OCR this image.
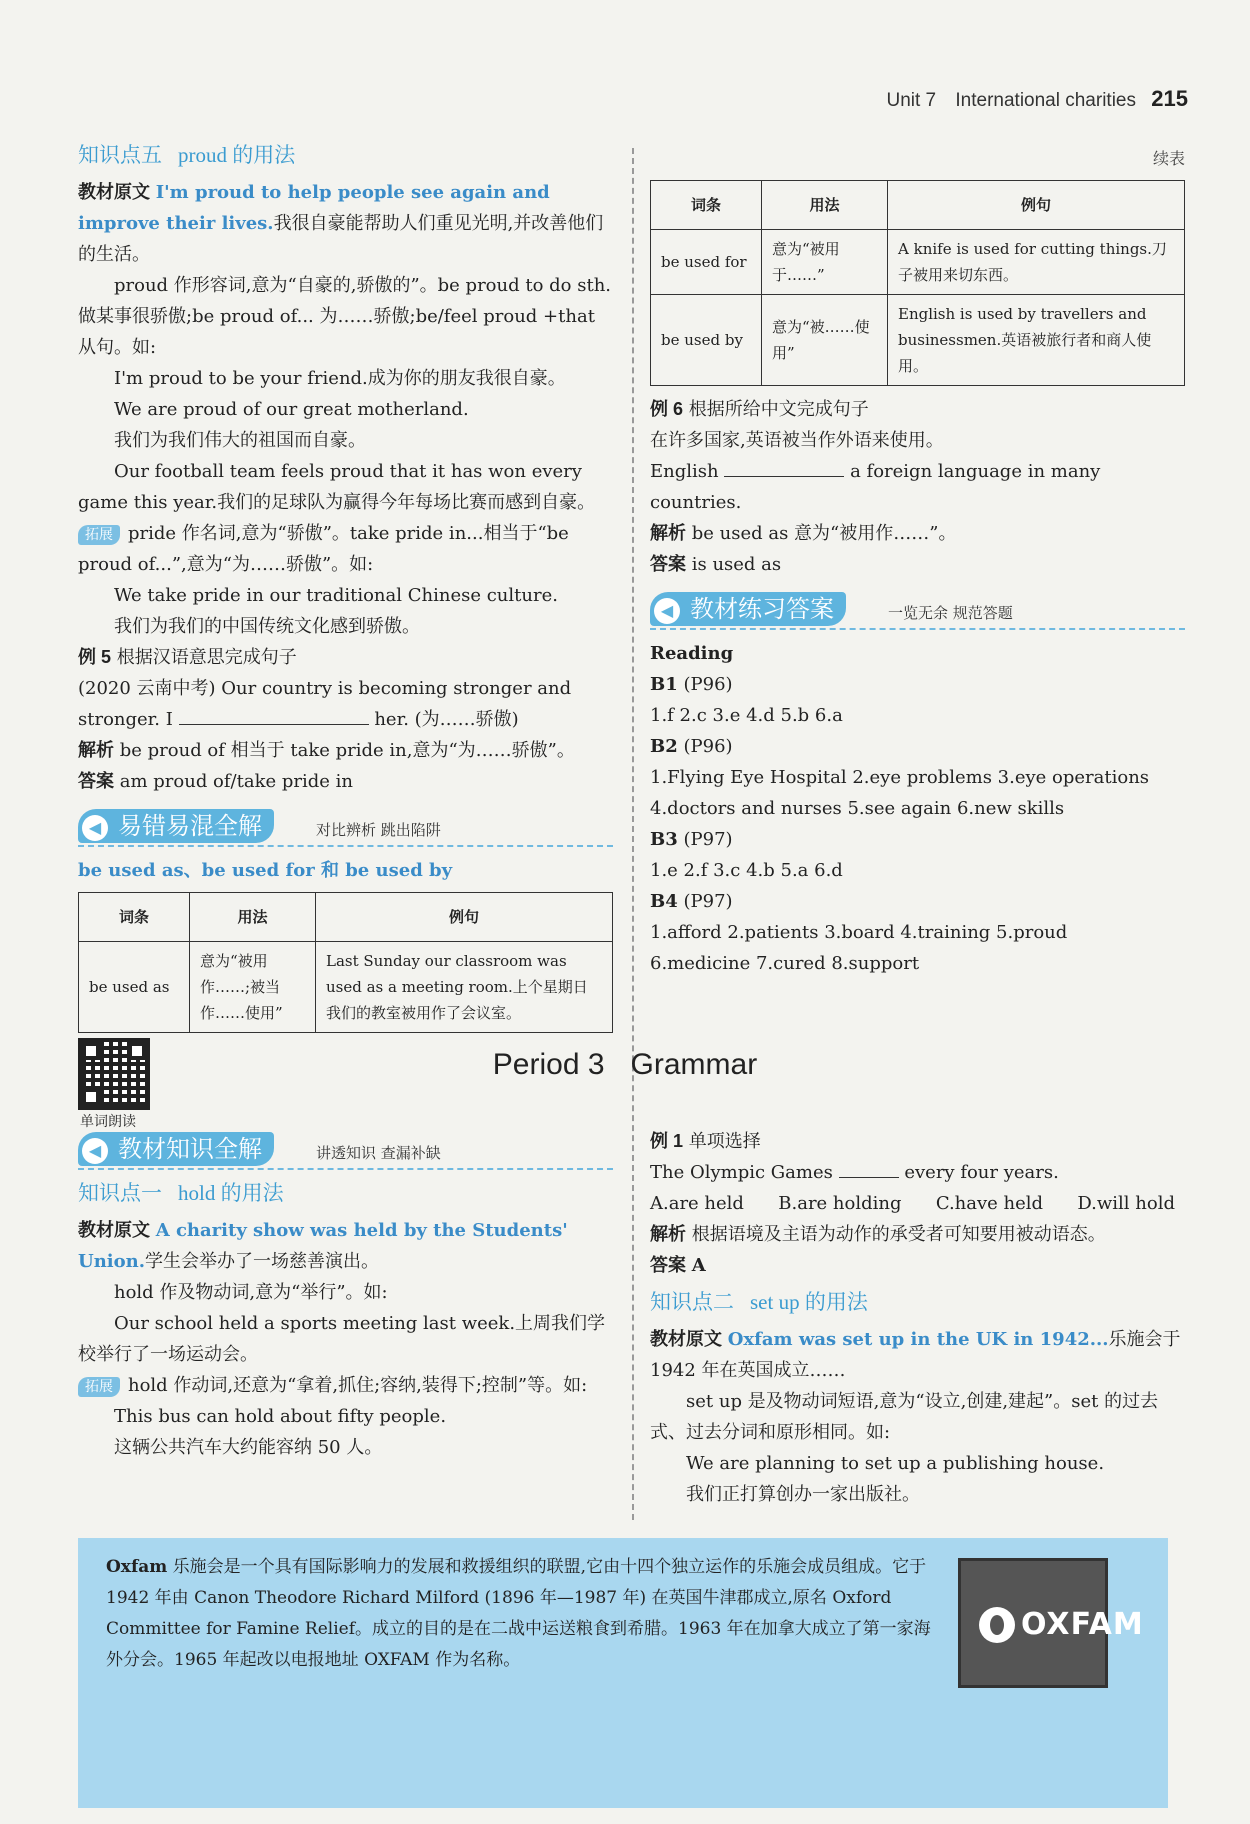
Unit 7 International charities 215

知识点五 proud 的用法

教材原文 I'm proud to help people see again and improve their lives.我很自豪能帮助人们重见光明,并改善他们的生活。

proud 作形容词,意为“自豪的,骄傲的”。be proud to do sth. 做某事很骄傲;be proud of... 为……骄傲;be/feel proud +that 从句。如:

I'm proud to be your friend.成为你的朋友我很自豪。

We are proud of our great motherland.

我们为我们伟大的祖国而自豪。

Our football team feels proud that it has won every game this year.我们的足球队为赢得今年每场比赛而感到自豪。

拓展 pride 作名词,意为“骄傲”。take pride in...相当于“be proud of...”,意为“为……骄傲”。如:

We take pride in our traditional Chinese culture.

我们为我们的中国传统文化感到骄傲。

例 5 根据汉语意思完成句子

(2020 云南中考) Our country is becoming stronger and stronger. I	her. (为……骄傲)

解析 be proud of 相当于 take pride in,意为“为……骄傲”。

答案 am proud of/take pride in

◀ 易错易混全解	对比辨析 跳出陷阱

be used as、be used for 和 be used by

词条	用法	例句
be used as	意为“被用作……;被当作……使用”	Last Sunday our classroom was used as a meeting room.上个星期日我们的教室被用作了会议室。
续表
词条	用法	例句
be used for	意为“被用于……”	A knife is used for cutting things.刀子被用来切东西。
be used by	意为“被……使用”	English is used by travellers and businessmen.英语被旅行者和商人使用。

例 6 根据所给中文完成句子

在许多国家,英语被当作外语来使用。

English	a foreign language in many countries.

解析 be used as 意为“被用作……”。

答案 is used as

◀ 教材练习答案	一览无余 规范答题

Reading

B1 (P96)

1.f 2.c 3.e 4.d 5.b 6.a

B2 (P96)

1.Flying Eye Hospital 2.eye problems 3.eye operations

4.doctors and nurses 5.see again 6.new skills

B3 (P97)

1.e 2.f 3.c 4.b 5.a 6.d

B4 (P97)

1.afford 2.patients 3.board 4.training 5.proud

6.medicine 7.cured 8.support

单词朗读
Period 3 Grammar
◀ 教材知识全解	讲透知识 查漏补缺

知识点一 hold 的用法

教材原文 A charity show was held by the Students' Union.学生会举办了一场慈善演出。

hold 作及物动词,意为“举行”。如:

Our school held a sports meeting last week.上周我们学校举行了一场运动会。

拓展 hold 作动词,还意为“拿着,抓住;容纳,装得下;控制”等。如:

This bus can hold about fifty people.

这辆公共汽车大约能容纳 50 人。

例 1 单项选择

The Olympic Games	every four years.

A.are held B.are holding C.have held D.will hold

解析 根据语境及主语为动作的承受者可知要用被动语态。

答案 A

知识点二 set up 的用法

教材原文 Oxfam was set up in the UK in 1942...乐施会于 1942 年在英国成立……

set up 是及物动词短语,意为“设立,创建,建起”。set 的过去式、过去分词和原形相同。如:

We are planning to set up a publishing house.

我们正打算创办一家出版社。

Oxfam 乐施会是一个具有国际影响力的发展和救援组织的联盟,它由十四个独立运作的乐施会成员组成。它于 1942 年由 Canon Theodore Richard Milford (1896 年—1987 年) 在英国牛津郡成立,原名 Oxford Committee for Famine Relief。成立的目的是在二战中运送粮食到希腊。1963 年在加拿大成立了第一家海外分会。1965 年起改以电报地址 OXFAM 作为名称。
OXFAM
